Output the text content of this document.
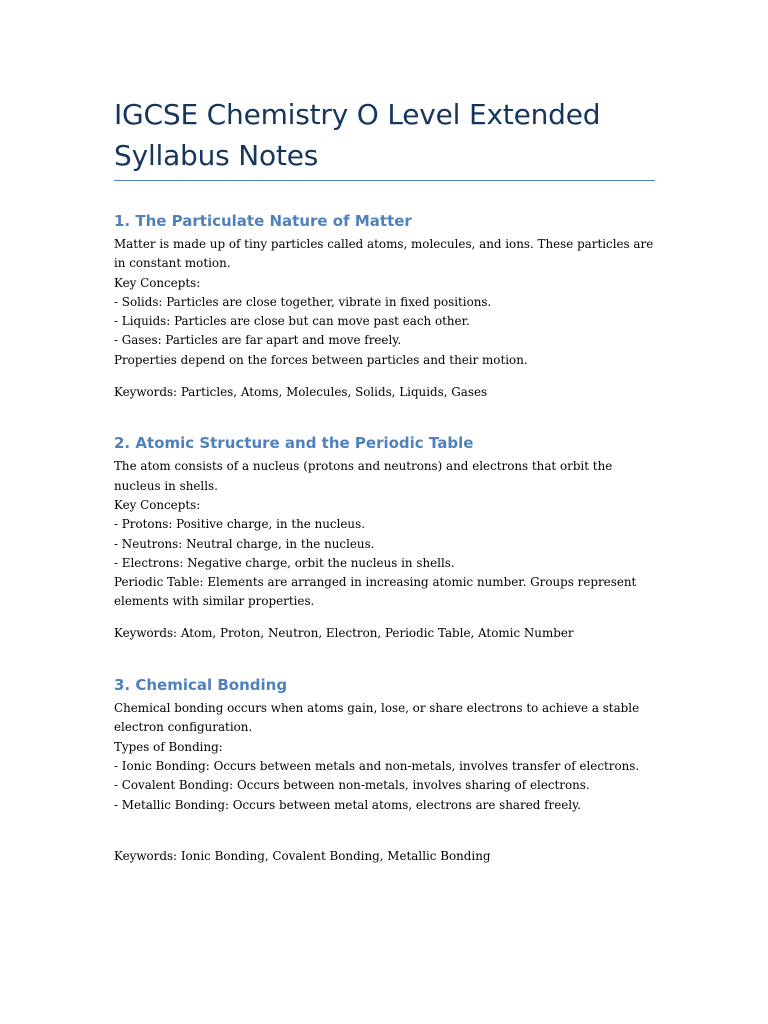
IGCSE Chemistry O Level Extended Syllabus Notes
1. The Particulate Nature of Matter

Matter is made up of tiny particles called atoms, molecules, and ions. These particles are in constant motion.
Key Concepts:
- Solids: Particles are close together, vibrate in fixed positions.
- Liquids: Particles are close but can move past each other.
- Gases: Particles are far apart and move freely.
Properties depend on the forces between particles and their motion.

Keywords: Particles, Atoms, Molecules, Solids, Liquids, Gases

2. Atomic Structure and the Periodic Table

The atom consists of a nucleus (protons and neutrons) and electrons that orbit the nucleus in shells.
Key Concepts:
- Protons: Positive charge, in the nucleus.
- Neutrons: Neutral charge, in the nucleus.
- Electrons: Negative charge, orbit the nucleus in shells.
Periodic Table: Elements are arranged in increasing atomic number. Groups represent elements with similar properties.

Keywords: Atom, Proton, Neutron, Electron, Periodic Table, Atomic Number

3. Chemical Bonding

Chemical bonding occurs when atoms gain, lose, or share electrons to achieve a stable electron configuration.
Types of Bonding:
- Ionic Bonding: Occurs between metals and non-metals, involves transfer of electrons.
- Covalent Bonding: Occurs between non-metals, involves sharing of electrons.
- Metallic Bonding: Occurs between metal atoms, electrons are shared freely.

Keywords: Ionic Bonding, Covalent Bonding, Metallic Bonding
